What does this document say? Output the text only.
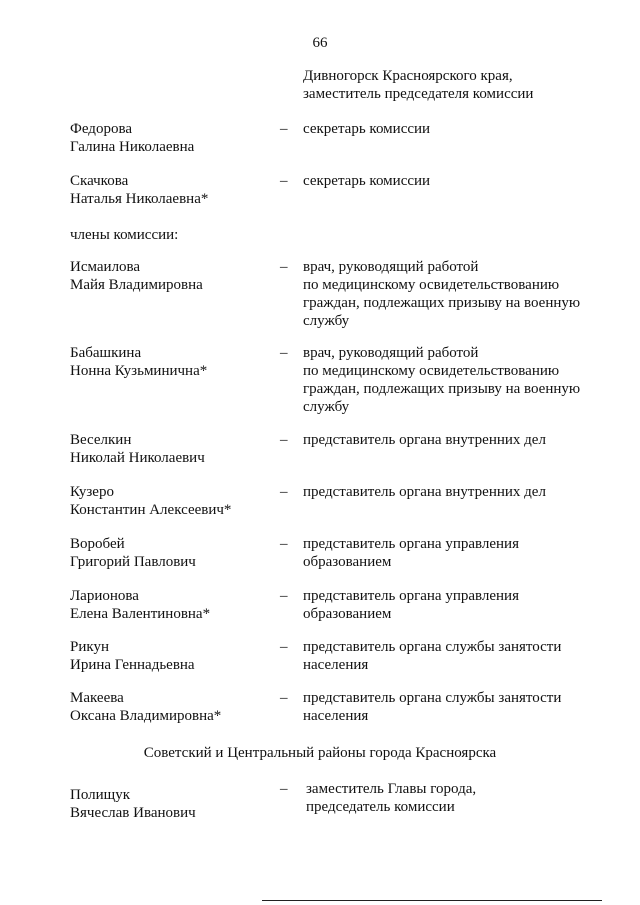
66
Дивногорск Красноярского края,
заместитель председателя комиссии
Федорова
Галина Николаевна
– секретарь комиссии
Скачкова
Наталья Николаевна*
– секретарь комиссии
члены комиссии:
Исмаилова
Майя Владимировна
– врач, руководящий работой
по медицинскому освидетельствованию
граждан, подлежащих призыву на военную
службу
Бабашкина
Нонна Кузьминична*
– врач, руководящий работой
по медицинскому освидетельствованию
граждан, подлежащих призыву на военную
службу
Веселкин
Николай Николаевич
– представитель органа внутренних дел
Кузеро
Константин Алексеевич*
– представитель органа внутренних дел
Воробей
Григорий Павлович
– представитель органа управления
образованием
Ларионова
Елена Валентиновна*
– представитель органа управления
образованием
Рикун
Ирина Геннадьевна
– представитель органа службы занятости
населения
Макеева
Оксана Владимировна*
– представитель органа службы занятости
населения
Советский и Центральный районы города Красноярска
Полищук
Вячеслав Иванович
– заместитель Главы города,
председатель комиссии
